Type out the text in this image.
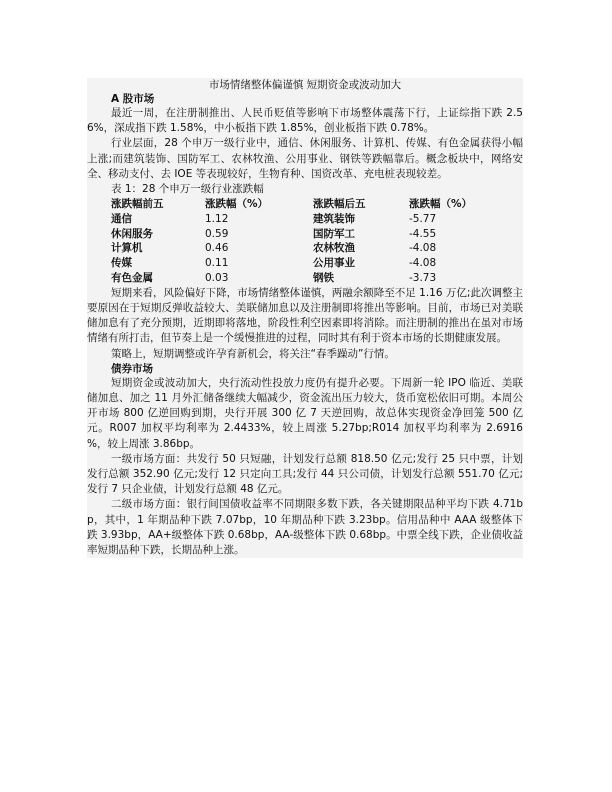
市场情绪整体偏谨慎 短期资金或波动加大
A 股市场

最近一周，在注册制推出、人民币贬值等影响下市场整体震荡下行，上证综指下跌 2.56%，深成指下跌 1.58%，中小板指下跌 1.85%，创业板指下跌 0.78%。

行业层面，28 个申万一级行业中，通信、休闲服务、计算机、传媒、有色金属获得小幅上涨;而建筑装饰、国防军工、农林牧渔、公用事业、钢铁等跌幅靠后。概念板块中，网络安全、移动支付、去 IOE 等表现较好，生物育种、国资改革、充电桩表现较差。

表 1：28 个申万一级行业涨跌幅
涨跌幅前五	涨跌幅（%）	涨跌幅后五	涨跌幅（%）
通信	1.12	建筑装饰	-5.77
休闲服务	0.59	国防军工	-4.55
计算机	0.46	农林牧渔	-4.08
传媒	0.11	公用事业	-4.08
有色金属	0.03	钢铁	-3.73

短期来看，风险偏好下降，市场情绪整体谨慎，两融余额降至不足 1.16 万亿;此次调整主要原因在于短期反弹收益较大、美联储加息以及注册制即将推出等影响。目前，市场已对美联储加息有了充分预期，近期即将落地，阶段性利空因素即将消除。而注册制的推出在虽对市场情绪有所打击，但节奏上是一个缓慢推进的过程，同时其有利于资本市场的长期健康发展。

策略上，短期调整或许孕育新机会，将关注“春季躁动”行情。

债券市场

短期资金或波动加大，央行流动性投放力度仍有提升必要。下周新一轮 IPO 临近、美联储加息、加之 11 月外汇储备继续大幅减少，资金流出压力较大，货币宽松依旧可期。本周公开市场 800 亿逆回购到期，央行开展 300 亿 7 天逆回购，故总体实现资金净回笼 500 亿元。R007 加权平均利率为 2.4433%，较上周涨 5.27bp;R014 加权平均利率为 2.6916 %，较上周涨 3.86bp。

一级市场方面：共发行 50 只短融，计划发行总额 818.50 亿元;发行 25 只中票，计划发行总额 352.90 亿元;发行 12 只定向工具;发行 44 只公司债，计划发行总额 551.70 亿元;发行 7 只企业债，计划发行总额 48 亿元。

二级市场方面：银行间国债收益率不同期限多数下跌，各关键期限品种平均下跌 4.71bp，其中，1 年期品种下跌 7.07bp，10 年期品种下跌 3.23bp。信用品种中 AAA 级整体下跌 3.93bp，AA+级整体下跌 0.68bp，AA-级整体下跌 0.68bp。中票全线下跌，企业债收益率短期品种下跌，长期品种上涨。
